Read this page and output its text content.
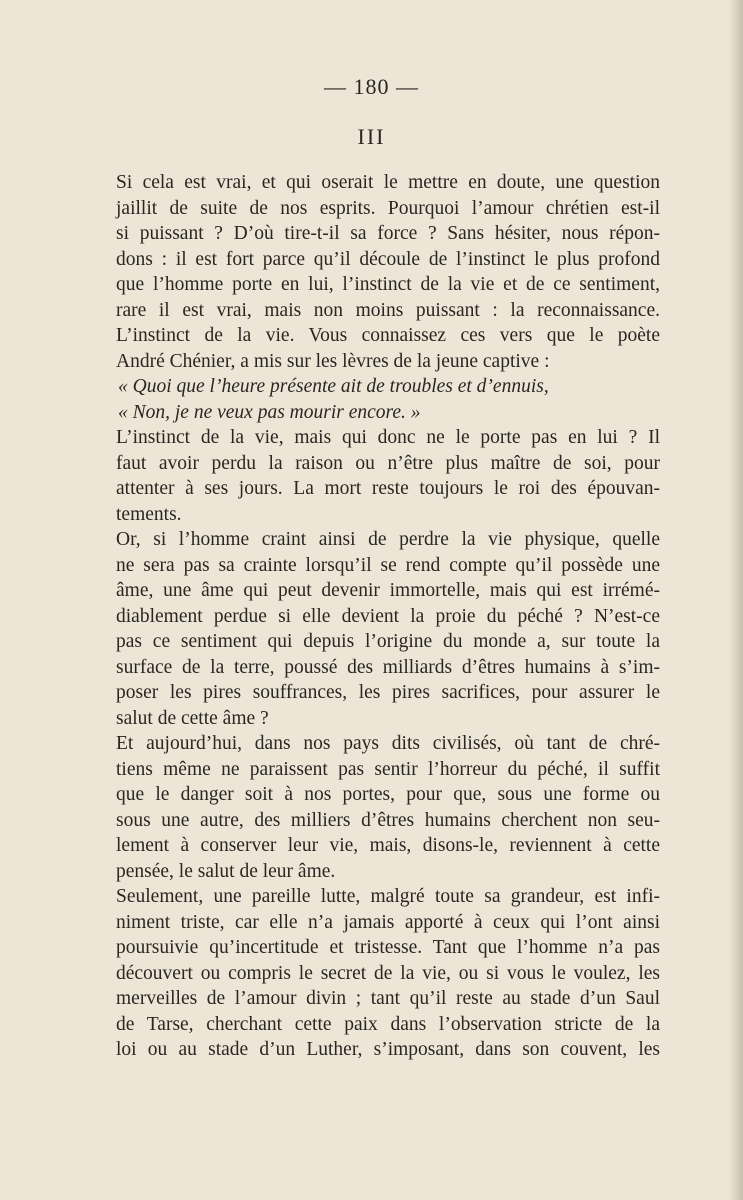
— 180 —
III
Si cela est vrai, et qui oserait le mettre en doute, une question
jaillit de suite de nos esprits. Pourquoi l’amour chrétien est-il
si puissant ? D’où tire-t-il sa force ? Sans hésiter, nous répon-
dons : il est fort parce qu’il découle de l’instinct le plus profond
que l’homme porte en lui, l’instinct de la vie et de ce sentiment,
rare il est vrai, mais non moins puissant : la reconnaissance.
L’instinct de la vie. Vous connaissez ces vers que le poète
André Chénier, a mis sur les lèvres de la jeune captive :
« Quoi que l’heure présente ait de troubles et d’ennuis,
« Non, je ne veux pas mourir encore. »
L’instinct de la vie, mais qui donc ne le porte pas en lui ? Il
faut avoir perdu la raison ou n’être plus maître de soi, pour
attenter à ses jours. La mort reste toujours le roi des épouvan-
tements.
Or, si l’homme craint ainsi de perdre la vie physique, quelle
ne sera pas sa crainte lorsqu’il se rend compte qu’il possède une
âme, une âme qui peut devenir immortelle, mais qui est irrémé-
diablement perdue si elle devient la proie du péché ? N’est-ce
pas ce sentiment qui depuis l’origine du monde a, sur toute la
surface de la terre, poussé des milliards d’êtres humains à s’im-
poser les pires souffrances, les pires sacrifices, pour assurer le
salut de cette âme ?
Et aujourd’hui, dans nos pays dits civilisés, où tant de chré-
tiens même ne paraissent pas sentir l’horreur du péché, il suffit
que le danger soit à nos portes, pour que, sous une forme ou
sous une autre, des milliers d’êtres humains cherchent non seu-
lement à conserver leur vie, mais, disons-le, reviennent à cette
pensée, le salut de leur âme.
Seulement, une pareille lutte, malgré toute sa grandeur, est infi-
niment triste, car elle n’a jamais apporté à ceux qui l’ont ainsi
poursuivie qu’incertitude et tristesse. Tant que l’homme n’a pas
découvert ou compris le secret de la vie, ou si vous le voulez, les
merveilles de l’amour divin ; tant qu’il reste au stade d’un Saul
de Tarse, cherchant cette paix dans l’observation stricte de la
loi ou au stade d’un Luther, s’imposant, dans son couvent, les
